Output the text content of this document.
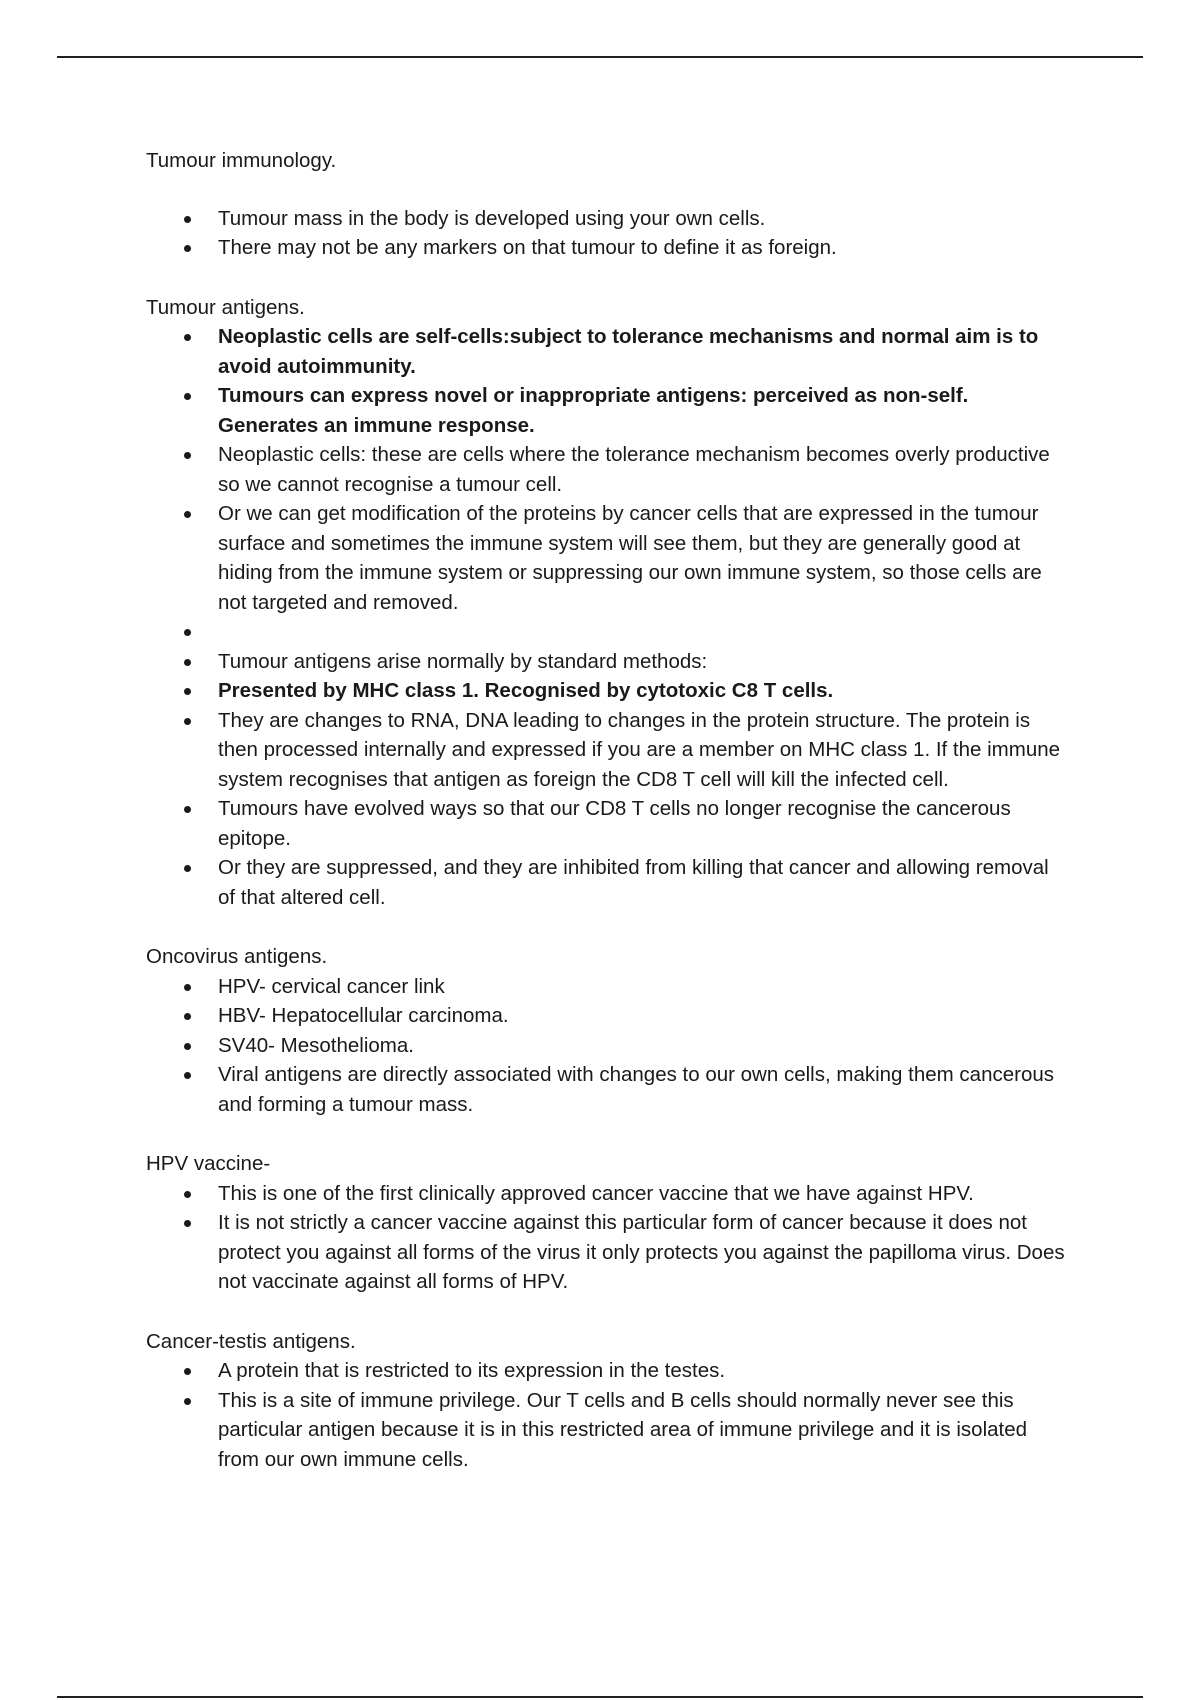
Tumour immunology.

Tumour mass in the body is developed using your own cells.
There may not be any markers on that tumour to define it as foreign.

Tumour antigens.

Neoplastic cells are self-cells:subject to tolerance mechanisms and normal aim is to avoid autoimmunity.
Tumours can express novel or inappropriate antigens: perceived as non-self. Generates an immune response.
Neoplastic cells: these are cells where the tolerance mechanism becomes overly productive so we cannot recognise a tumour cell.
Or we can get modification of the proteins by cancer cells that are expressed in the tumour surface and sometimes the immune system will see them, but they are generally good at hiding from the immune system or suppressing our own immune system, so those cells are not targeted and removed.
Tumour antigens arise normally by standard methods:
Presented by MHC class 1. Recognised by cytotoxic C8 T cells.
They are changes to RNA, DNA leading to changes in the protein structure. The protein is then processed internally and expressed if you are a member on MHC class 1. If the immune system recognises that antigen as foreign the CD8 T cell will kill the infected cell.
Tumours have evolved ways so that our CD8 T cells no longer recognise the cancerous epitope.
Or they are suppressed, and they are inhibited from killing that cancer and allowing removal of that altered cell.

Oncovirus antigens.

HPV- cervical cancer link
HBV- Hepatocellular carcinoma.
SV40- Mesothelioma.
Viral antigens are directly associated with changes to our own cells, making them cancerous and forming a tumour mass.

HPV vaccine-

This is one of the first clinically approved cancer vaccine that we have against HPV.
It is not strictly a cancer vaccine against this particular form of cancer because it does not protect you against all forms of the virus it only protects you against the papilloma virus. Does not vaccinate against all forms of HPV.

Cancer-testis antigens.

A protein that is restricted to its expression in the testes.
This is a site of immune privilege. Our T cells and B cells should normally never see this particular antigen because it is in this restricted area of immune privilege and it is isolated from our own immune cells.
